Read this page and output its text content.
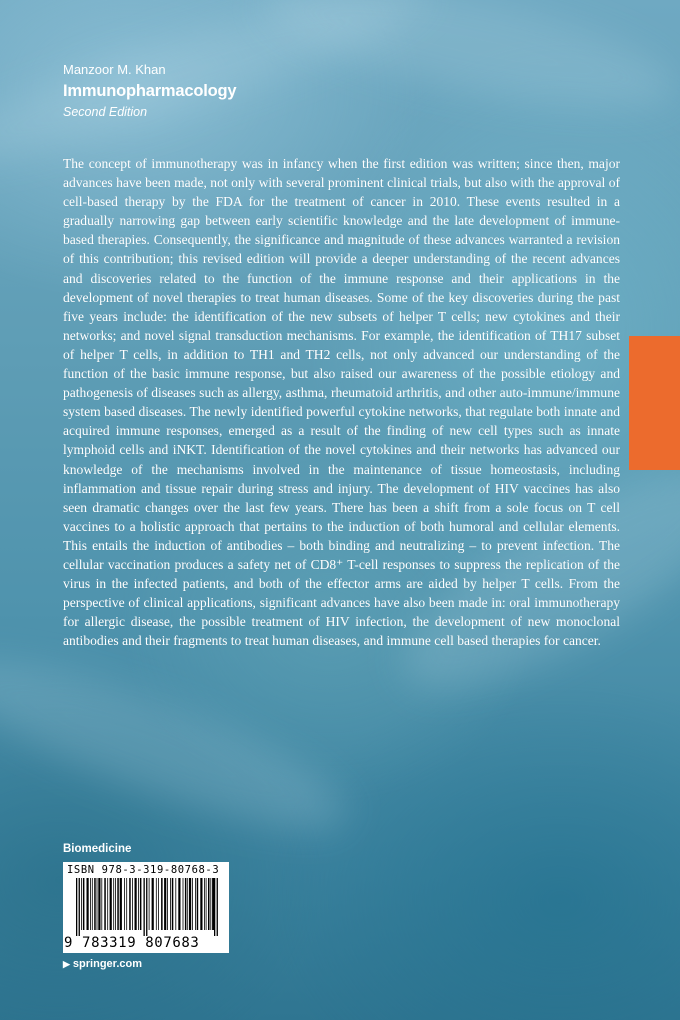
Manzoor M. Khan
Immunopharmacology
Second Edition
The concept of immunotherapy was in infancy when the first edition was written; since then, major advances have been made, not only with several prominent clinical trials, but also with the approval of cell-based therapy by the FDA for the treatment of cancer in 2010. These events resulted in a gradually narrowing gap between early scientific knowledge and the late development of immune-based therapies. Consequently, the significance and magnitude of these advances warranted a revision of this contribution; this revised edition will provide a deeper understanding of the recent advances and discoveries related to the function of the immune response and their applications in the development of novel therapies to treat human diseases. Some of the key discoveries during the past five years include: the identification of the new subsets of helper T cells; new cytokines and their networks; and novel signal transduction mechanisms. For example, the identification of TH17 subset of helper T cells, in addition to TH1 and TH2 cells, not only advanced our understanding of the function of the basic immune response, but also raised our awareness of the possible etiology and pathogenesis of diseases such as allergy, asthma, rheumatoid arthritis, and other auto-immune/immune system based diseases. The newly identified powerful cytokine networks, that regulate both innate and acquired immune responses, emerged as a result of the finding of new cell types such as innate lymphoid cells and iNKT. Identification of the novel cytokines and their networks has advanced our knowledge of the mechanisms involved in the maintenance of tissue homeostasis, including inflammation and tissue repair during stress and injury. The development of HIV vaccines has also seen dramatic changes over the last few years. There has been a shift from a sole focus on T cell vaccines to a holistic approach that pertains to the induction of both humoral and cellular elements. This entails the induction of antibodies – both binding and neutralizing – to prevent infection. The cellular vaccination produces a safety net of CD8⁺ T-cell responses to suppress the replication of the virus in the infected patients, and both of the effector arms are aided by helper T cells. From the perspective of clinical applications, significant advances have also been made in: oral immunotherapy for allergic disease, the possible treatment of HIV infection, the development of new monoclonal antibodies and their fragments to treat human diseases, and immune cell based therapies for cancer.
Biomedicine
ISBN 978-3-319-80768-3
9 783319 807683
▶ springer.com
